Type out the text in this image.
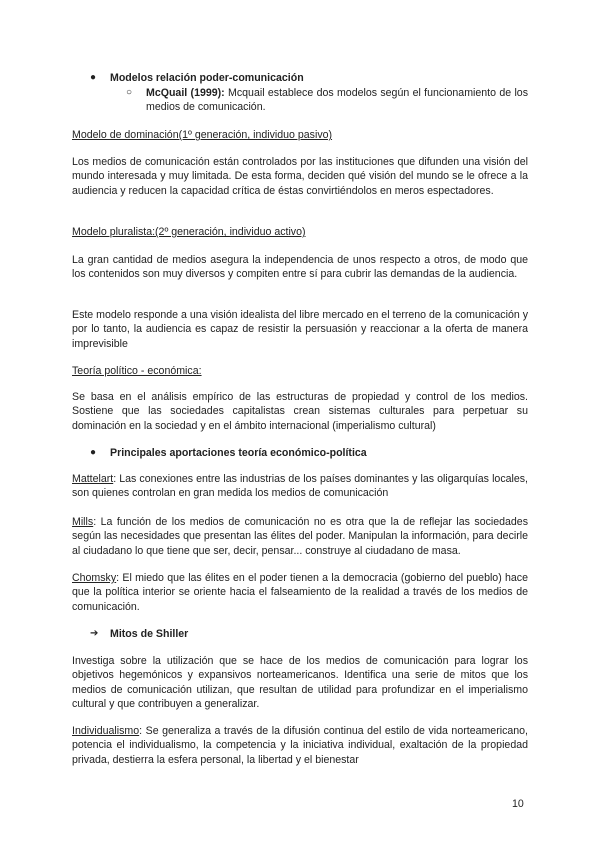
●	Modelos relación poder-comunicación
○	McQuail (1999): Mcquail establece dos modelos según el funcionamiento de los medios de comunicación.

Modelo de dominación(1º generación, individuo pasivo)

Los medios de comunicación están controlados por las instituciones que difunden una visión del mundo interesada y muy limitada. De esta forma, deciden qué visión del mundo se le ofrece a la audiencia y reducen la capacidad crítica de éstas convirtiéndolos en meros espectadores.

Modelo pluralista:(2º generación, individuo activo)

La gran cantidad de medios asegura la independencia de unos respecto a otros, de modo que los contenidos son muy diversos y compiten entre sí para cubrir las demandas de la audiencia.

Este modelo responde a una visión idealista del libre mercado en el terreno de la comunicación y por lo tanto, la audiencia es capaz de resistir la persuasión y reaccionar a la oferta de manera imprevisible

Teoría político - económica:

Se basa en el análisis empírico de las estructuras de propiedad y control de los medios. Sostiene que las sociedades capitalistas crean sistemas culturales para perpetuar su dominación en la sociedad y en el ámbito internacional (imperialismo cultural)

●	Principales aportaciones teoría económico-política

Mattelart: Las conexiones entre las industrias de los países dominantes y las oligarquías locales, son quienes controlan en gran medida los medios de comunicación

Mills: La función de los medios de comunicación no es otra que la de reflejar las sociedades según las necesidades que presentan las élites del poder. Manipulan la información, para decirle al ciudadano lo que tiene que ser, decir, pensar... construye al ciudadano de masa.

Chomsky: El miedo que las élites en el poder tienen a la democracia (gobierno del pueblo) hace que la política interior se oriente hacia el falseamiento de la realidad a través de los medios de comunicación.

➔	Mitos de Shiller

Investiga sobre la utilización que se hace de los medios de comunicación para lograr los objetivos hegemónicos y expansivos norteamericanos. Identifica una serie de mitos que los medios de comunicación utilizan, que resultan de utilidad para profundizar en el imperialismo cultural y que contribuyen a generalizar.

Individualismo: Se generaliza a través de la difusión continua del estilo de vida norteamericano, potencia el individualismo, la competencia y la iniciativa individual, exaltación de la propiedad privada, destierra la esfera personal, la libertad y el bienestar

10
